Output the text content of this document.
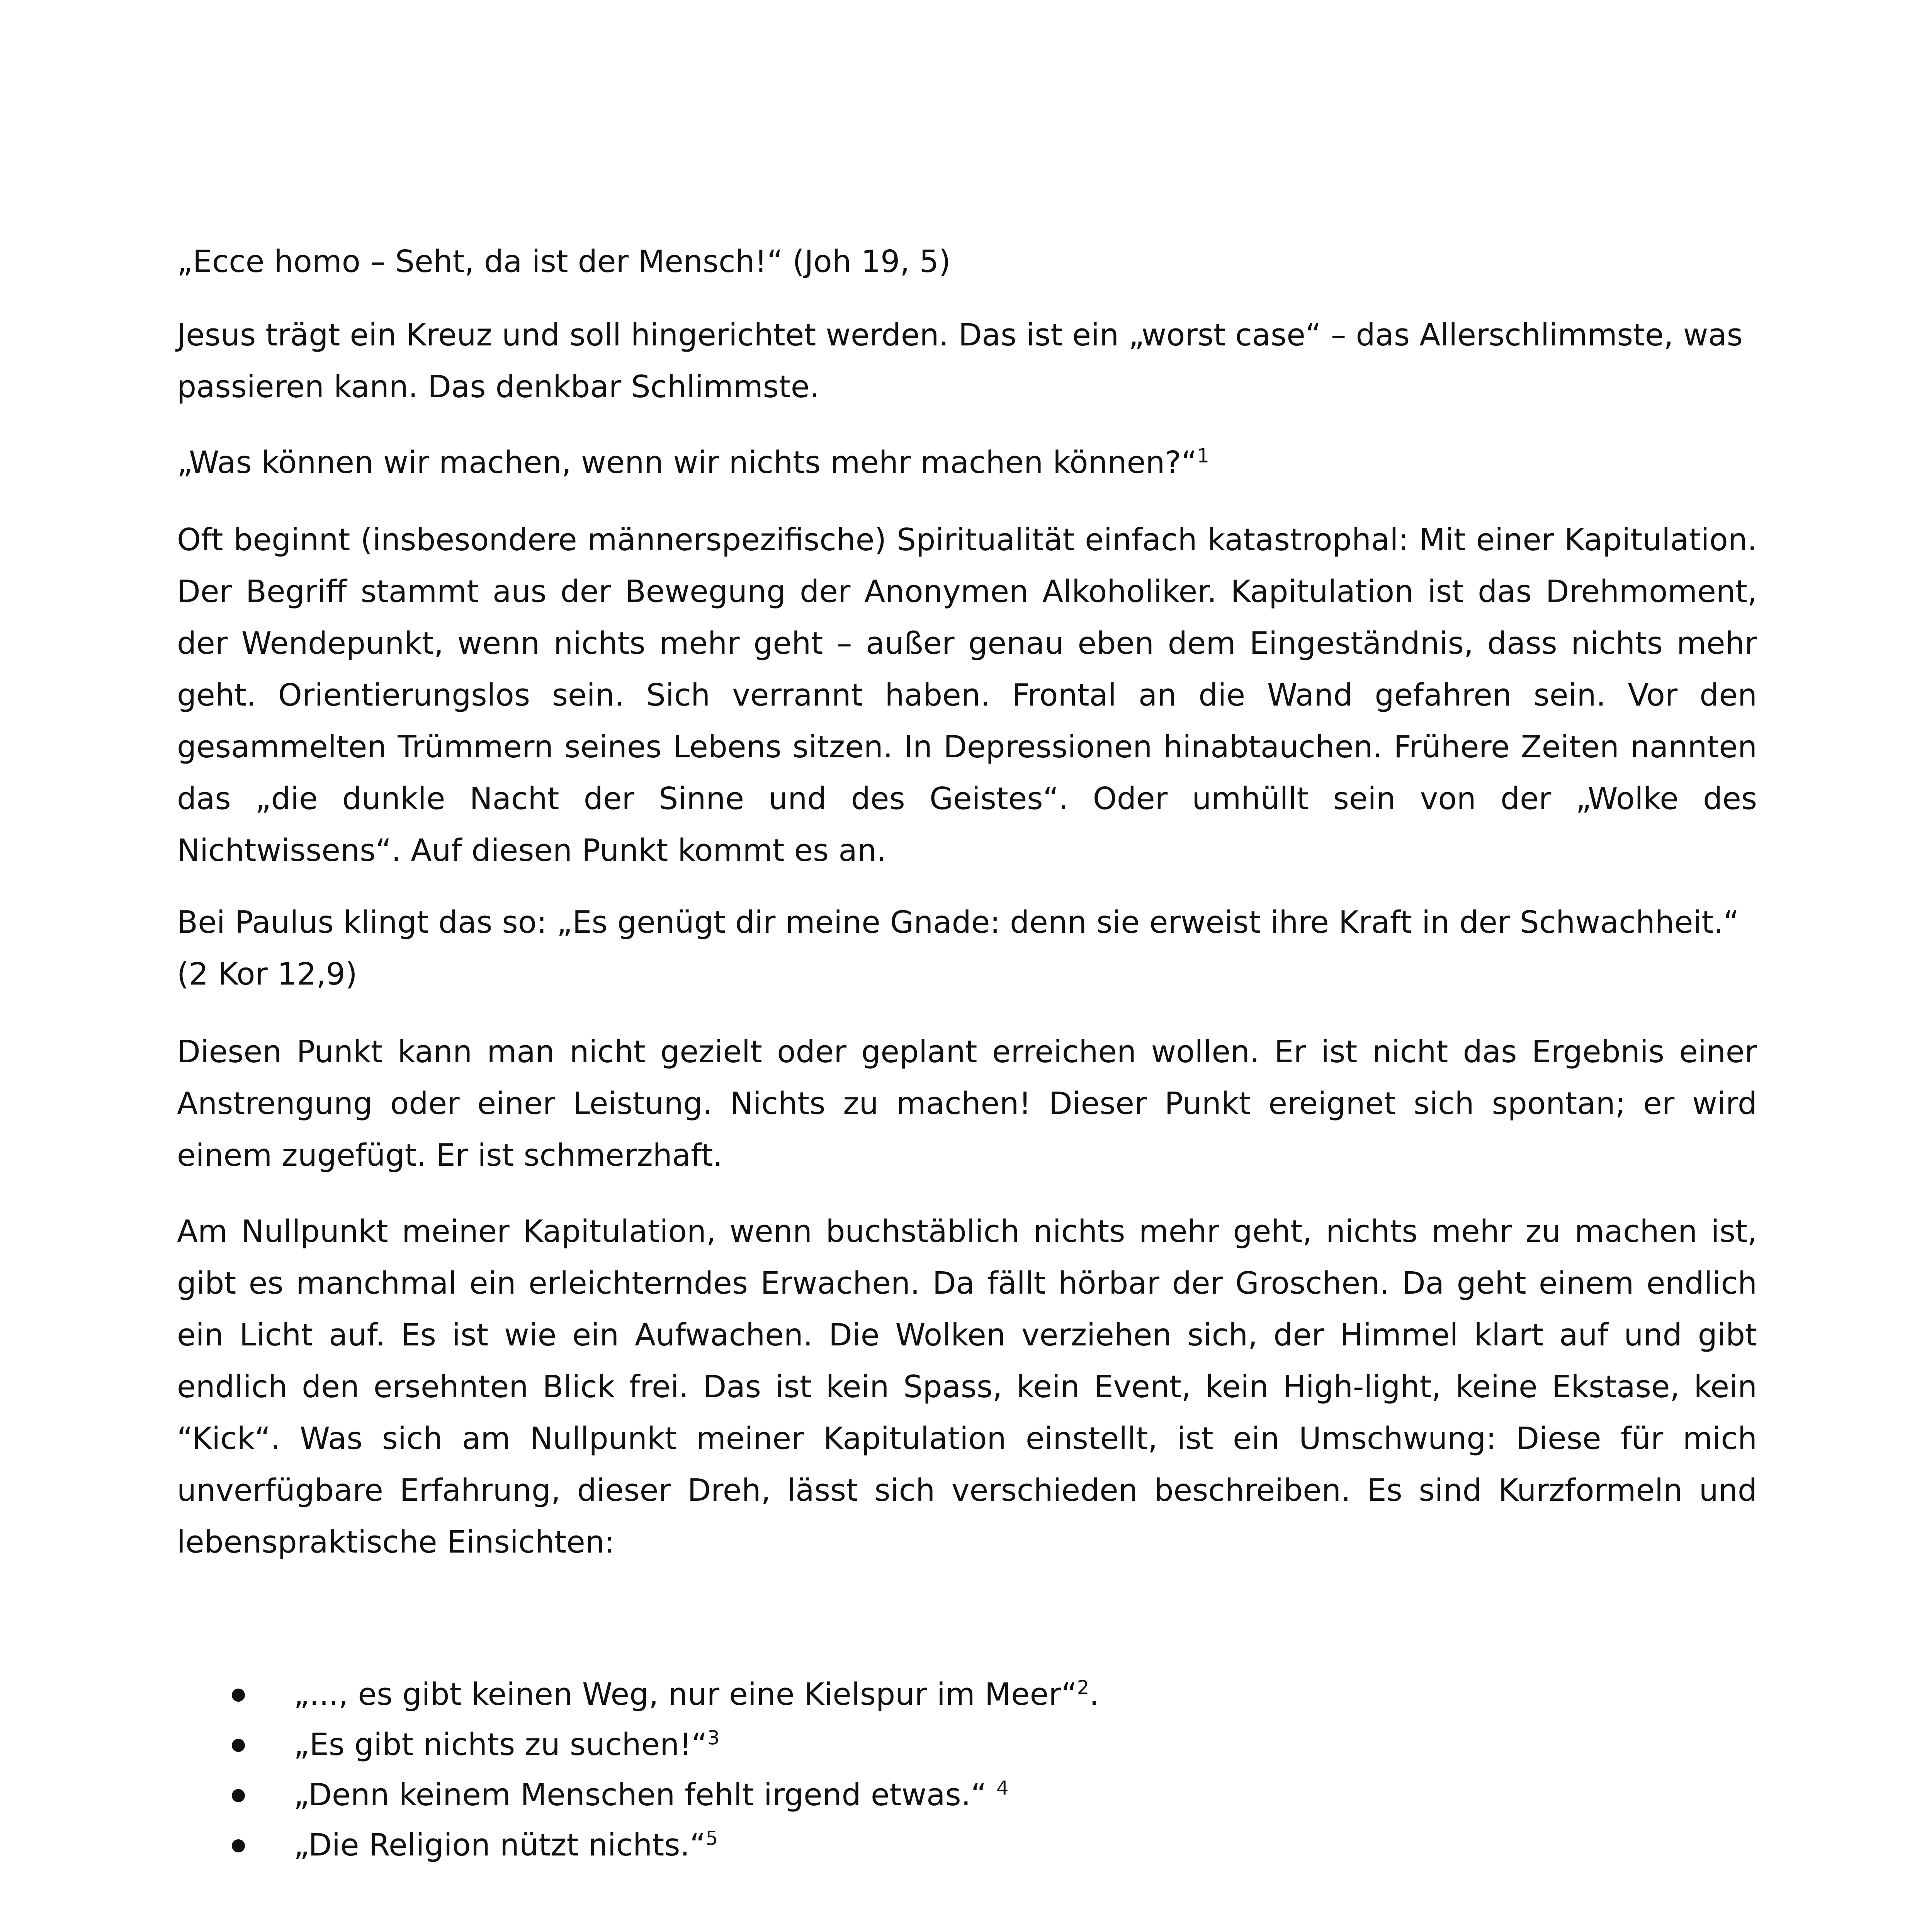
„Ecce homo – Seht, da ist der Mensch!“ (Joh 19, 5)

Jesus trägt ein Kreuz und soll hingerichtet werden. Das ist ein „worst case“ – das Allerschlimmste, was passieren kann. Das denkbar Schlimmste.

„Was können wir machen, wenn wir nichts mehr machen können?“$^1$

Oft beginnt (insbesondere männerspezifische) Spiritualität einfach katastrophal: Mit einer Kapitulation. Der Begriff stammt aus der Bewegung der Anonymen Alkoholiker. Kapitulation ist das Drehmoment, der Wendepunkt, wenn nichts mehr geht – außer genau eben dem Eingeständnis, dass nichts mehr geht. Orientierungslos sein. Sich verrannt haben. Frontal an die Wand gefahren sein. Vor den gesammelten Trümmern seines Lebens sitzen. In Depressionen hinabtauchen. Frühere Zeiten nannten das „die dunkle Nacht der Sinne und des Geistes“. Oder umhüllt sein von der „Wolke des Nichtwissens“. Auf diesen Punkt kommt es an.

Bei Paulus klingt das so: „Es genügt dir meine Gnade: denn sie erweist ihre Kraft in der Schwachheit.“ (2 Kor 12,9)

Diesen Punkt kann man nicht gezielt oder geplant erreichen wollen. Er ist nicht das Ergebnis einer Anstrengung oder einer Leistung. Nichts zu machen! Dieser Punkt ereignet sich spontan; er wird einem zugefügt. Er ist schmerzhaft.

Am Nullpunkt meiner Kapitulation, wenn buchstäblich nichts mehr geht, nichts mehr zu machen ist, gibt es manchmal ein erleichterndes Erwachen. Da fällt hörbar der Groschen. Da geht einem endlich ein Licht auf. Es ist wie ein Aufwachen. Die Wolken verziehen sich, der Himmel klart auf und gibt endlich den ersehnten Blick frei. Das ist kein Spass, kein Event, kein High-light, keine Ekstase, kein “Kick“. Was sich am Nullpunkt meiner Kapitulation einstellt, ist ein Umschwung: Diese für mich unverfügbare Erfahrung, dieser Dreh, lässt sich verschieden beschreiben. Es sind Kurzformeln und lebenspraktische Einsichten:

„..., es gibt keinen Weg, nur eine Kielspur im Meer“$^2$.
„Es gibt nichts zu suchen!“$^3$
„Denn keinem Menschen fehlt irgend etwas.“ $^4$
„Die Religion nützt nichts.“$^5$
